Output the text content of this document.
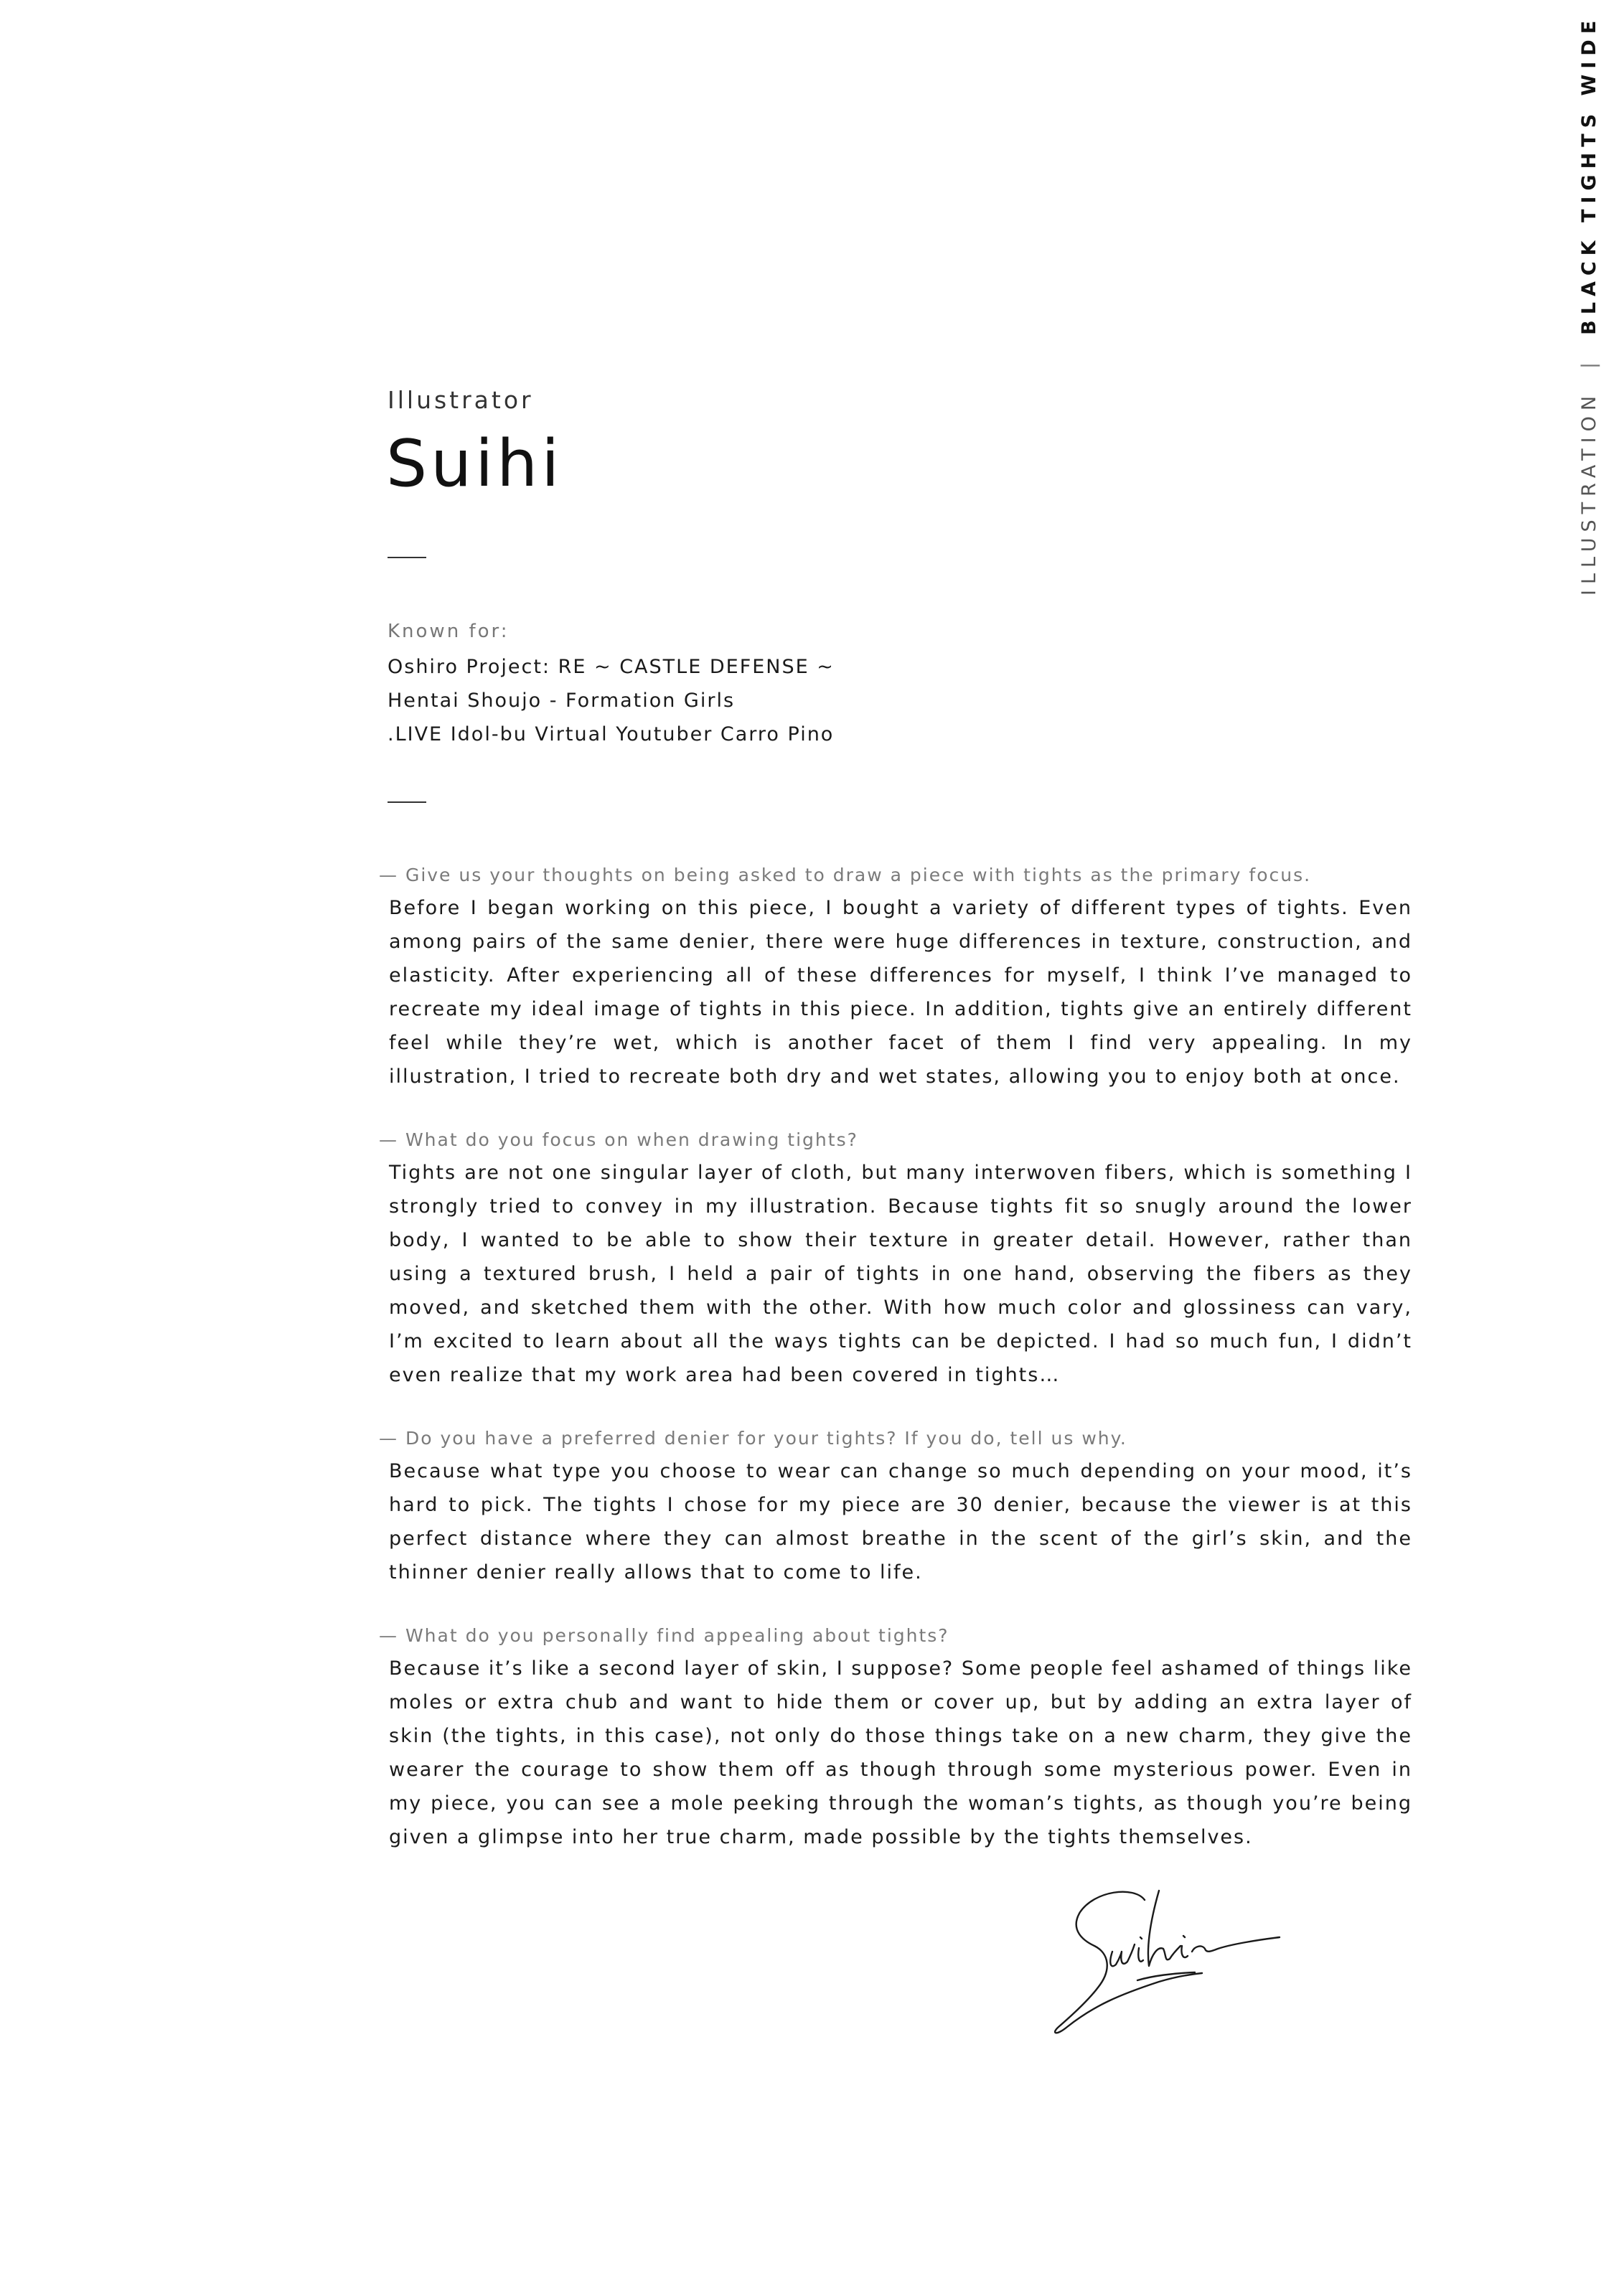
ILLUSTRATION|BLACK TIGHTS WIDE
Illustrator
Suihi
Known for:
Oshiro Project: RE ~ CASTLE DEFENSE ~
Hentai Shoujo - Formation Girls
.LIVE Idol-bu Virtual Youtuber Carro Pino

— Give us your thoughts on being asked to draw a piece with tights as the primary focus.

Before I began working on this piece, I bought a variety of different types of tights. Even among pairs of the same denier, there were huge differences in texture, construction, and elasticity. After experiencing all of these differences for myself, I think I’ve managed to recreate my ideal image of tights in this piece. In addition, tights give an entirely different feel while they’re wet, which is another facet of them I find very appealing. In my illustration, I tried to recreate both dry and wet states, allowing you to enjoy both at once.

— What do you focus on when drawing tights?

Tights are not one singular layer of cloth, but many interwoven fibers, which is something I strongly tried to convey in my illustration. Because tights fit so snugly around the lower body, I wanted to be able to show their texture in greater detail. However, rather than using a textured brush, I held a pair of tights in one hand, observing the fibers as they moved, and sketched them with the other. With how much color and glossiness can vary, I’m excited to learn about all the ways tights can be depicted. I had so much fun, I didn’t even realize that my work area had been covered in tights…

— Do you have a preferred denier for your tights? If you do, tell us why.

Because what type you choose to wear can change so much depending on your mood, it’s hard to pick. The tights I chose for my piece are 30 denier, because the viewer is at this perfect distance where they can almost breathe in the scent of the girl’s skin, and the thinner denier really allows that to come to life.

— What do you personally find appealing about tights?

Because it’s like a second layer of skin, I suppose? Some people feel ashamed of things like moles or extra chub and want to hide them or cover up, but by adding an extra layer of skin (the tights, in this case), not only do those things take on a new charm, they give the wearer the courage to show them off as though through some mysterious power. Even in my piece, you can see a mole peeking through the woman’s tights, as though you’re being given a glimpse into her true charm, made possible by the tights themselves.
